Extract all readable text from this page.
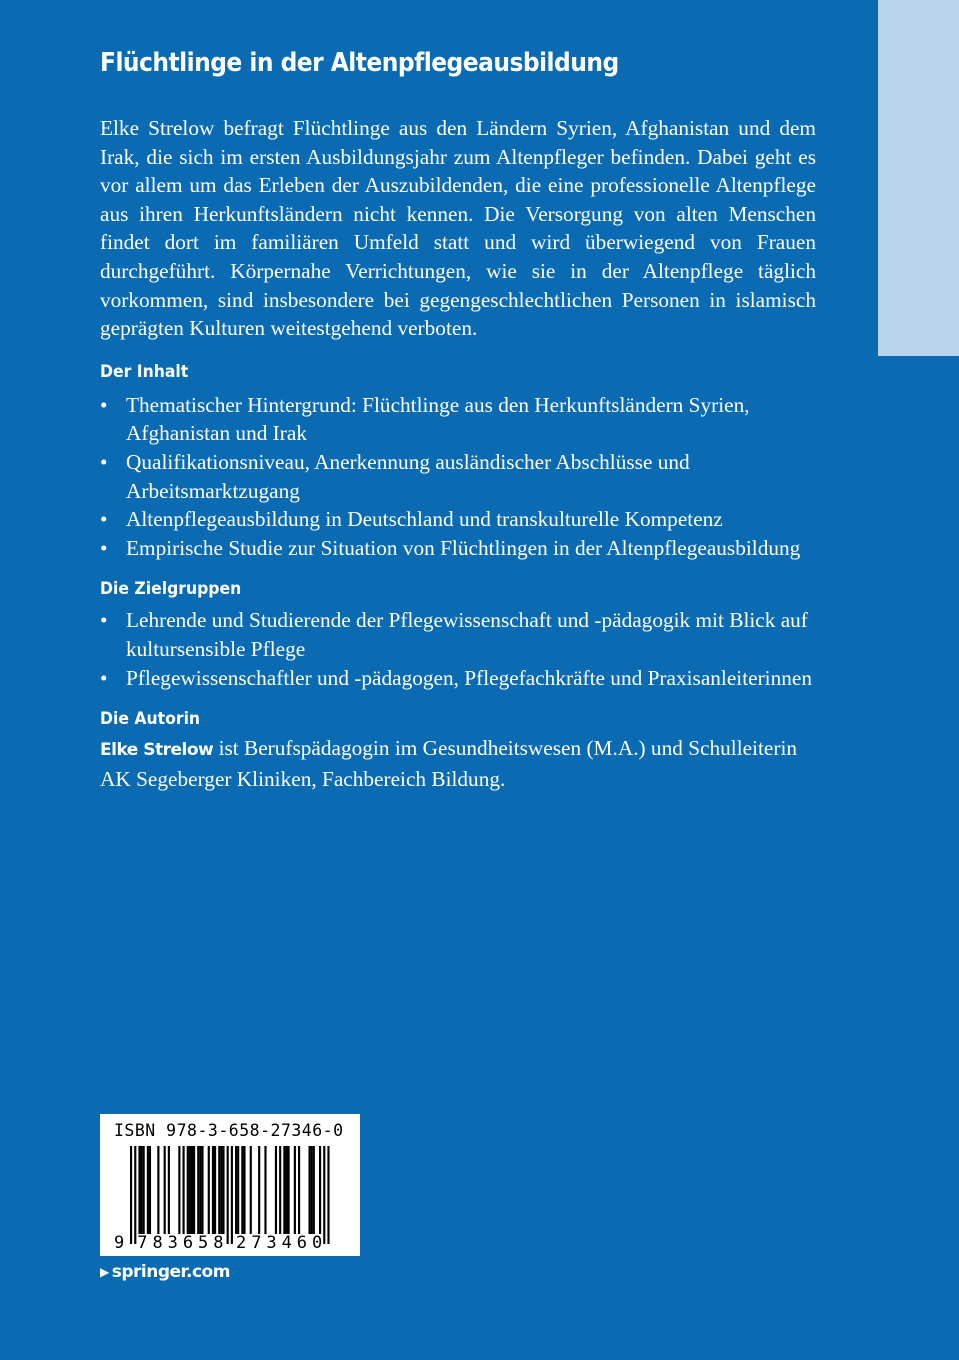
Flüchtlinge in der Altenpflegeausbildung

Elke Strelow befragt Flüchtlinge aus den Ländern Syrien, Afghanistan und dem Irak, die sich im ersten Ausbildungsjahr zum Altenpfleger befinden. Dabei geht es vor allem um das Erleben der Auszubildenden, die eine professionelle Altenpflege aus ihren Herkunftsländern nicht kennen. Die Versorgung von alten Menschen findet dort im familiären Umfeld statt und wird überwiegend von Frauen durchgeführt. Körpernahe Verrichtungen, wie sie in der Altenpflege täglich vorkommen, sind insbesondere bei gegengeschlechtlichen Personen in islamisch geprägten Kulturen weitestgehend verboten.

Der Inhalt
• Thematischer Hintergrund: Flüchtlinge aus den Herkunftsländern Syrien, Afghanistan und Irak
• Qualifikationsniveau, Anerkennung ausländischer Abschlüsse und Arbeitsmarktzugang
• Altenpflegeausbildung in Deutschland und transkulturelle Kompetenz
• Empirische Studie zur Situation von Flüchtlingen in der Altenpflegeausbildung
Die Zielgruppen
• Lehrende und Studierende der Pflegewissenschaft und -pädagogik mit Blick auf kultursensible Pflege
• Pflegewissenschaftler und -pädagogen, Pflegefachkräfte und Praxisanleiterinnen
Die Autorin

Elke Strelow ist Berufspädagogin im Gesundheitswesen (M.A.) und Schulleiterin AK Segeberger Kliniken, Fachbereich Bildung.

ISBN 978-3-658-27346-0
9 783658 273460
▶ springer.com
